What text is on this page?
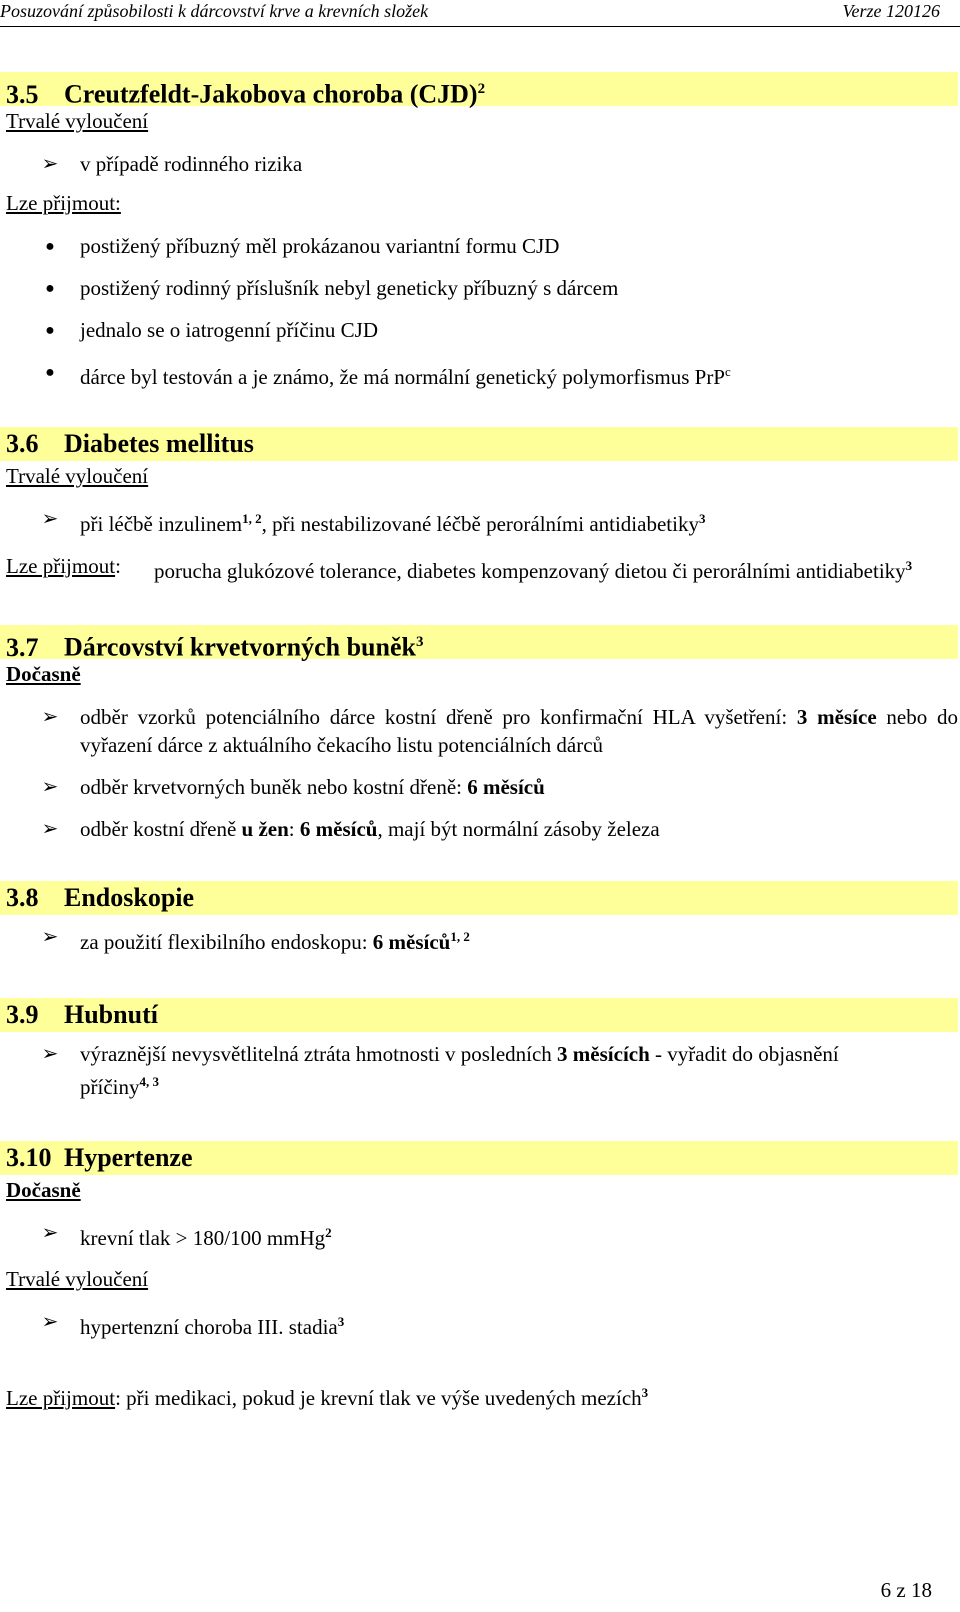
Posuzování způsobilosti k dárcovství krve a krevních složek	Verze 120126
3.5 Creutzfeldt-Jakobova choroba (CJD)$^2$
Trvalé vyloučení
➢ v případě rodinného rizika
Lze přijmout:
● postižený příbuzný měl prokázanou variantní formu CJD
● postižený rodinný příslušník nebyl geneticky příbuzný s dárcem
● jednalo se o iatrogenní příčinu CJD
● dárce byl testován a je známo, že má normální genetický polymorfismus PrP$^c$
3.6 Diabetes mellitus
Trvalé vyloučení
➢ při léčbě inzulinem$^{1, 2}$, při nestabilizované léčbě perorálními antidiabetiky$^3$
Lze přijmout:	porucha glukózové tolerance, diabetes kompenzovaný dietou či perorálními antidiabetiky$^3$
3.7 Dárcovství krvetvorných buněk$^3$
Dočasně
➢ odběr vzorků potenciálního dárce kostní dřeně pro konfirmační HLA vyšetření: 3 měsíce nebo do vyřazení dárce z aktuálního čekacího listu potenciálních dárců
➢ odběr krvetvorných buněk nebo kostní dřeně: 6 měsíců
➢ odběr kostní dřeně u žen: 6 měsíců, mají být normální zásoby železa
3.8 Endoskopie
➢ za použití flexibilního endoskopu: 6 měsíců$^{1, 2}$
3.9 Hubnutí
➢ výraznější nevysvětlitelná ztráta hmotnosti v posledních 3 měsících - vyřadit do objasnění příčiny$^{4, 3}$
3.10 Hypertenze
Dočasně
➢ krevní tlak > 180/100 mmHg$^2$
Trvalé vyloučení
➢ hypertenzní choroba III. stadia$^3$
Lze přijmout: při medikaci, pokud je krevní tlak ve výše uvedených mezích$^3$
6 z 18
